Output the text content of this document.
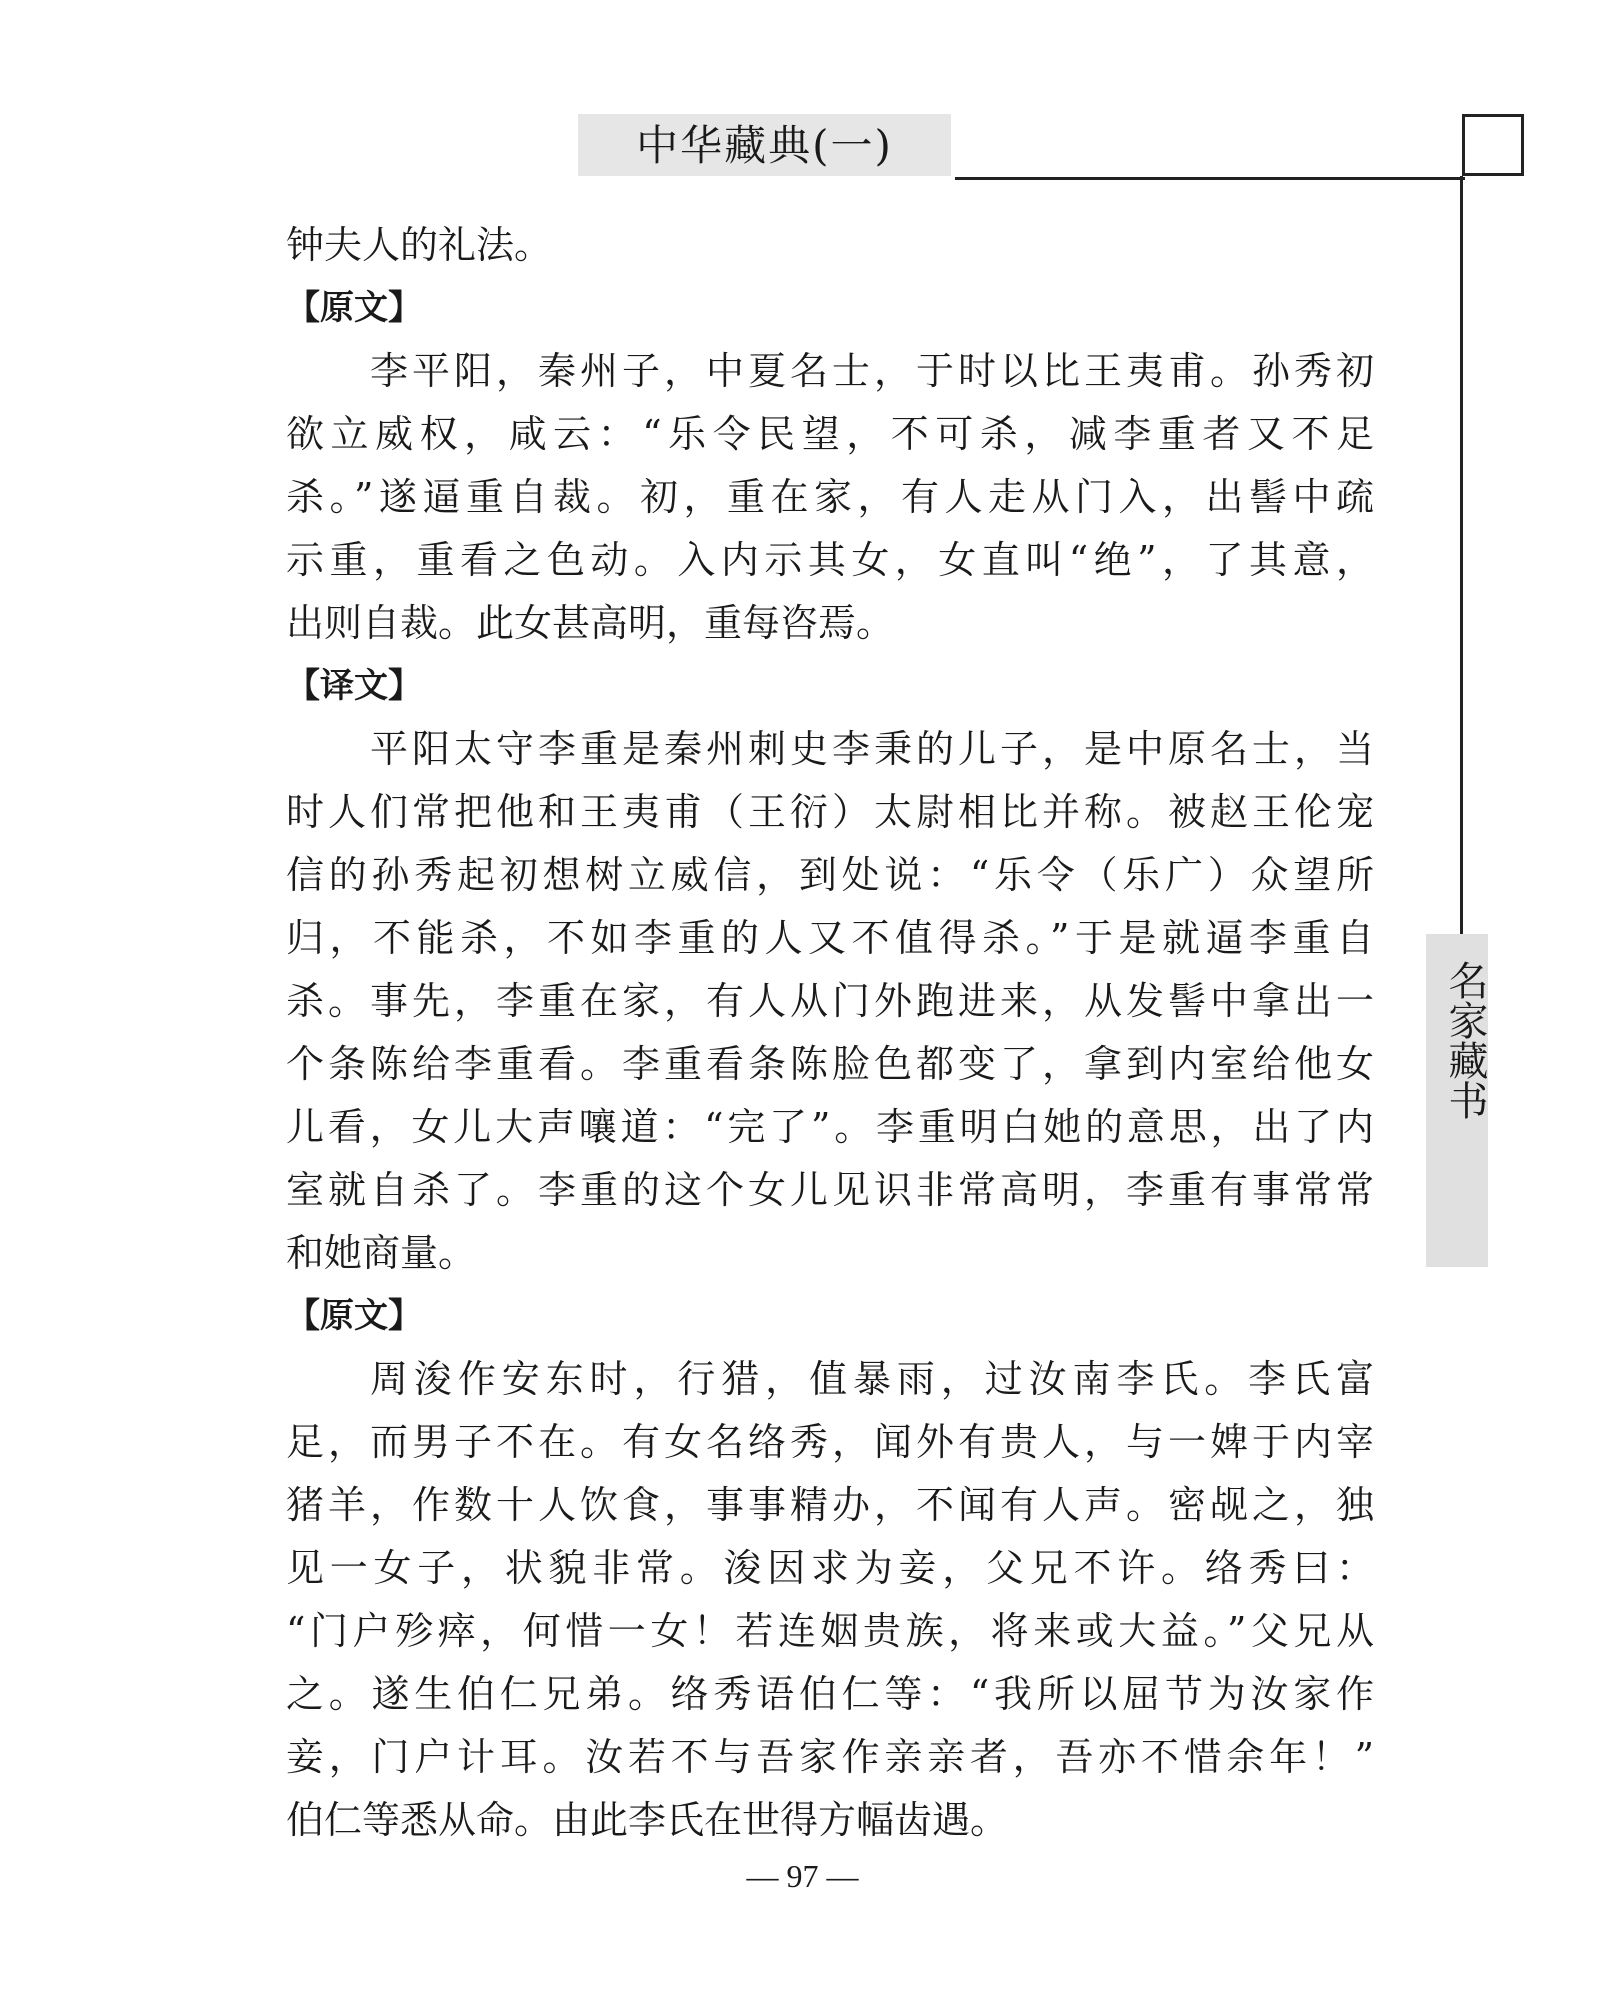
中华藏典(一)
名家藏书
钟夫人的礼法。
【原文】
李平阳，秦州子，中夏名士，于时以比王夷甫。孙秀初
欲立威权，咸云：“乐令民望，不可杀，减李重者又不足
杀。”遂逼重自裁。初，重在家，有人走从门入，出髻中疏
示重，重看之色动。入内示其女，女直叫“绝”，了其意，
出则自裁。此女甚高明，重每咨焉。
【译文】
平阳太守李重是秦州刺史李秉的儿子，是中原名士，当
时人们常把他和王夷甫（王衍）太尉相比并称。被赵王伦宠
信的孙秀起初想树立威信，到处说：“乐令（乐广）众望所
归，不能杀，不如李重的人又不值得杀。”于是就逼李重自
杀。事先，李重在家，有人从门外跑进来，从发髻中拿出一
个条陈给李重看。李重看条陈脸色都变了，拿到内室给他女
儿看，女儿大声嚷道：“完了”。李重明白她的意思，出了内
室就自杀了。李重的这个女儿见识非常高明，李重有事常常
和她商量。
【原文】
周浚作安东时，行猎，值暴雨，过汝南李氏。李氏富
足，而男子不在。有女名络秀，闻外有贵人，与一婢于内宰
猪羊，作数十人饮食，事事精办，不闻有人声。密觇之，独
见一女子，状貌非常。浚因求为妾，父兄不许。络秀曰：
“门户殄瘁，何惜一女！若连姻贵族，将来或大益。”父兄从
之。遂生伯仁兄弟。络秀语伯仁等：“我所以屈节为汝家作
妾，门户计耳。汝若不与吾家作亲亲者，吾亦不惜余年！”
伯仁等悉从命。由此李氏在世得方幅齿遇。
— 97 —
